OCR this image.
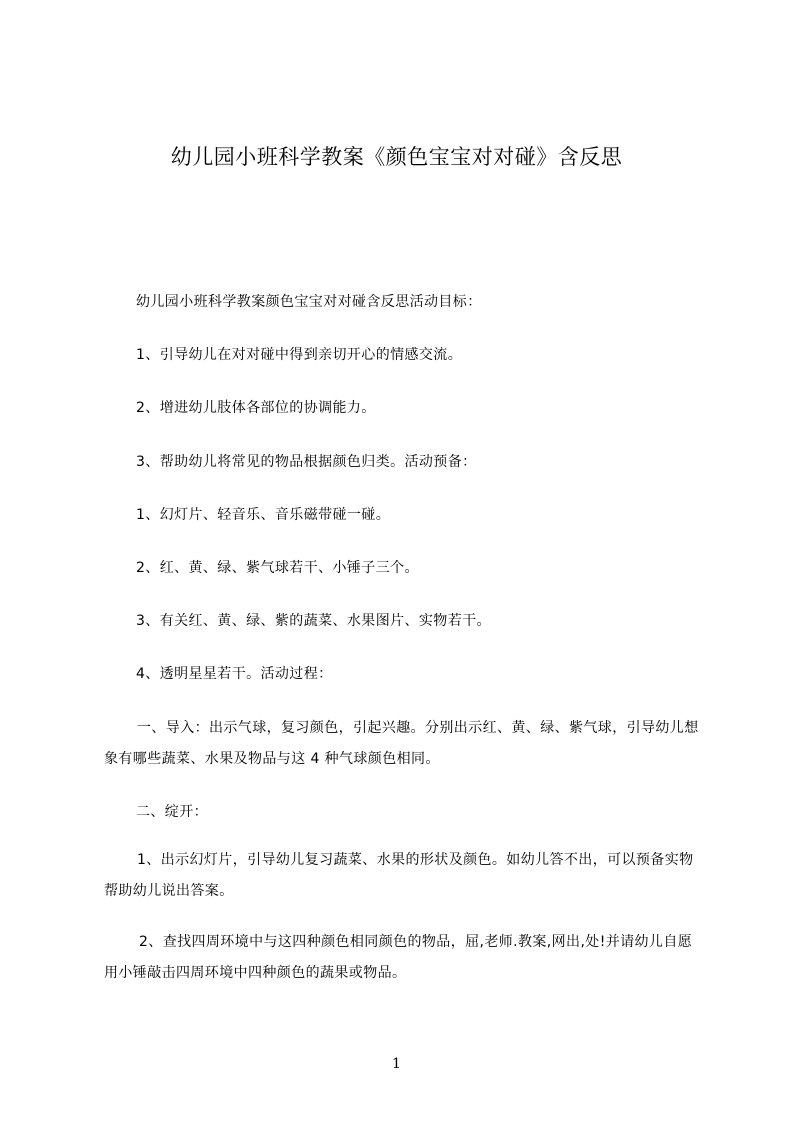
幼儿园小班科学教案《颜色宝宝对对碰》含反思

幼儿园小班科学教案颜色宝宝对对碰含反思活动目标：

1、引导幼儿在对对碰中得到亲切开心的情感交流。

2、增进幼儿肢体各部位的协调能力。

3、帮助幼儿将常见的物品根据颜色归类。活动预备：

1、幻灯片、轻音乐、音乐磁带碰一碰。

2、红、黄、绿、紫气球若干、小锤子三个。

3、有关红、黄、绿、紫的蔬菜、水果图片、实物若干。

4、透明星星若干。活动过程：

一、导入：出示气球，复习颜色，引起兴趣。分别出示红、黄、绿、紫气球，引导幼儿想象有哪些蔬菜、水果及物品与这 4 种气球颜色相同。

二、绽开：

1、出示幻灯片，引导幼儿复习蔬菜、水果的形状及颜色。如幼儿答不出，可以预备实物帮助幼儿说出答案。

2、查找四周环境中与这四种颜色相同颜色的物品，屈,老师.教案,网出,处!并请幼儿自愿用小锤敲击四周环境中四种颜色的蔬果或物品。

1
